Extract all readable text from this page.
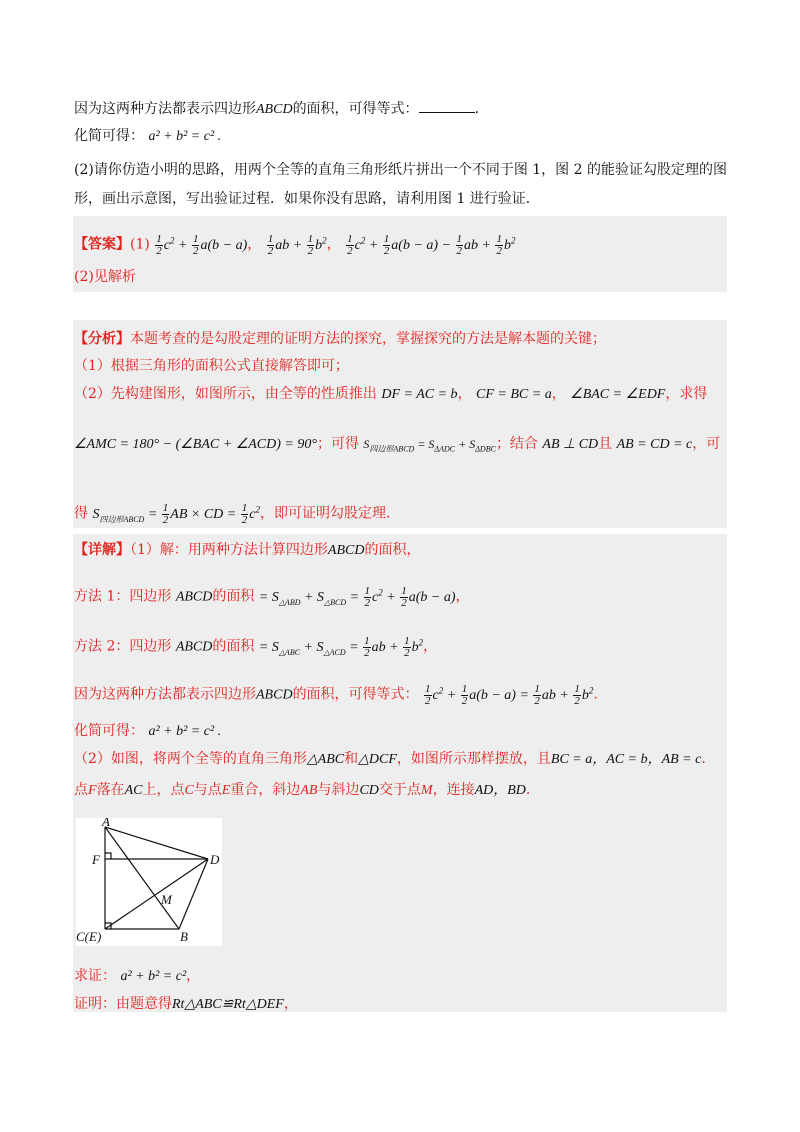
因为这两种方法都表示四边形ABCD的面积，可得等式：	.
化简可得： a² + b² = c² .
(2)请你仿造小明的思路，用两个全等的直角三角形纸片拼出一个不同于图 1，图 2 的能验证勾股定理的图
形，画出示意图，写出验证过程．如果你没有思路，请利用图 1 进行验证．
【答案】$(1) \frac{1}{2} c^2 + \frac{1}{2} a(b - a)$， $\frac{1}{2}$ ab + $\frac{1}{2} b^2$， $\frac{1}{2} c^2 + \frac{1}{2} a(b - a) - \frac{1}{2}$ ab + $\frac{1}{2} b^2$
(2)见解析
【分析】本题考查的是勾股定理的证明方法的探究，掌握探究的方法是解本题的关键；
（1）根据三角形的面积公式直接解答即可；
（2）先构建图形，如图所示，由全等的性质推出 DF = AC = b， CF = BC = a， ∠BAC = ∠EDF，求得
∠AMC = 180° − (∠BAC + ∠ACD) = 90°；可得 $S_{四边形ABCD} = S_{\Delta ADC} + S_{\Delta DBC}$；结合 AB ⊥ CD且 AB = CD = c，可
得 $S_{四边形ABCD} = \frac{1}{2}$ AB × CD = $\frac{1}{2} c^2$，即可证明勾股定理．
【详解】（1）解：用两种方法计算四边形ABCD的面积，
方法 1：四边形 ABCD的面积 = $S_{\triangle ABD} + S_{\triangle BCD} = \frac{1}{2} c^2 + \frac{1}{2} a(b - a)$，
方法 2：四边形 ABCD的面积 = $S_{\triangle ABC} + S_{\triangle ACD} = \frac{1}{2}$ ab + $\frac{1}{2} b^2$，
因为这两种方法都表示四边形ABCD的面积，可得等式： $\frac{1}{2} c^2 + \frac{1}{2} a(b - a) = \frac{1}{2}$ ab + $\frac{1}{2} b^2$.
化简可得： a² + b² = c² .
（2）如图，将两个全等的直角三角形△ABC和△DCF，如图所示那样摆放，且BC = a，AC = b，AB = c.
点F落在AC上，点C与点E重合，斜边AB与斜边CD交于点M，连接AD，BD.
A
F	D
M
C(E)	B
求证： a² + b² = c²，
证明：由题意得Rt△ABC≌Rt△DEF，
